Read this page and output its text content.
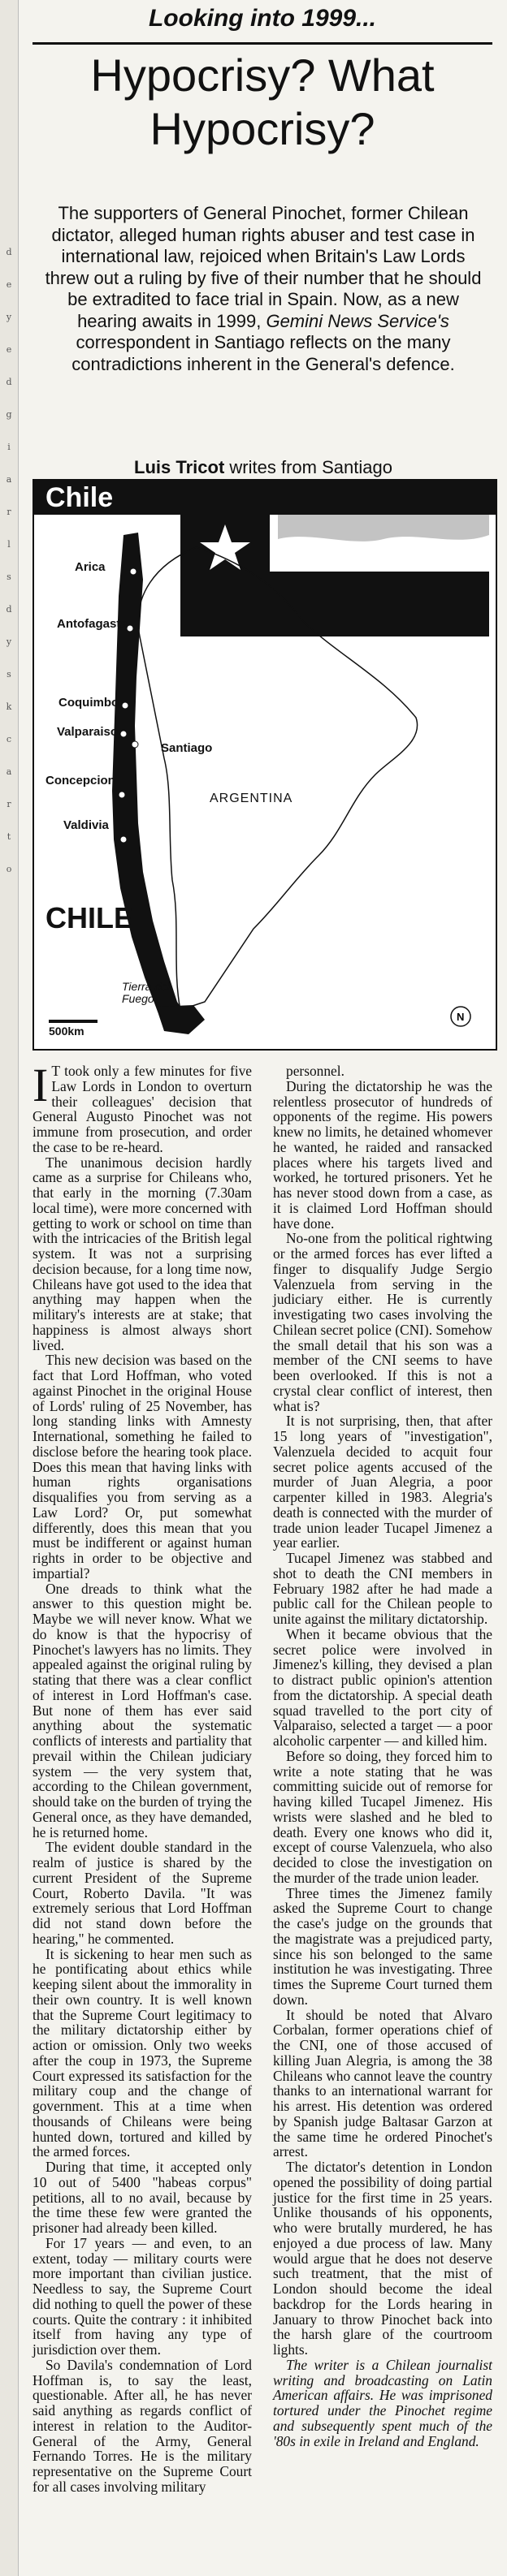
d
e
y
e
d
g
i
a
r
l
s
d
y
s
k
c
a
r
t
o
Looking into 1999...
Hypocrisy? What
Hypocrisy?
The supporters of General Pinochet, former Chilean dictator, alleged human rights abuser and test case in international law, rejoiced when Britain's Law Lords threw out a ruling by five of their number that he should be extradited to face trial in Spain. Now, as a new hearing awaits in 1999, Gemini News Service's correspondent in Santiago reflects on the many contradictions inherent in the General's defence.
Luis Tricot writes from Santiago
Chile
N
Arica
Antofagasta
Coquimbo
Valparaiso
Santiago
Concepcion
Valdivia
ARGENTINA
CHILE
Tierra del Fuego
500km
I T took only a few minutes for five Law Lords in London to overturn their colleagues' decision that General Augusto Pinochet was not immune from prosecution, and order the case to be re-heard.

The unanimous decision hardly came as a surprise for Chileans who, that early in the morning (7.30am local time), were more concerned with getting to work or school on time than with the intricacies of the British legal system. It was not a surprising decision because, for a long time now, Chileans have got used to the idea that anything may happen when the military's interests are at stake; that happiness is almost always short lived.

This new decision was based on the fact that Lord Hoffman, who voted against Pinochet in the original House of Lords' ruling of 25 November, has long standing links with Amnesty International, something he failed to disclose before the hearing took place. Does this mean that having links with human rights organisations disqualifies you from serving as a Law Lord? Or, put somewhat differently, does this mean that you must be indifferent or against human rights in order to be objective and impartial?

One dreads to think what the answer to this question might be. Maybe we will never know. What we do know is that the hypocrisy of Pinochet's lawyers has no limits. They appealed against the original ruling by stating that there was a clear conflict of interest in Lord Hoffman's case. But none of them has ever said anything about the systematic conflicts of interests and partiality that prevail within the Chilean judiciary system — the very system that, according to the Chilean government, should take on the burden of trying the General once, as they have demanded, he is returned home.

The evident double standard in the realm of justice is shared by the current President of the Supreme Court, Roberto Davila. "It was extremely serious that Lord Hoffman did not stand down before the hearing," he commented.

It is sickening to hear men such as he pontificating about ethics while keeping silent about the immorality in their own country. It is well known that the Supreme Court legitimacy to the military dictatorship either by action or omission. Only two weeks after the coup in 1973, the Supreme Court expressed its satisfaction for the military coup and the change of government. This at a time when thousands of Chileans were being hunted down, tortured and killed by the armed forces.

During that time, it accepted only 10 out of 5400 "habeas corpus" petitions, all to no avail, because by the time these few were granted the prisoner had already been killed.

For 17 years — and even, to an extent, today — military courts were more important than civilian justice. Needless to say, the Supreme Court did nothing to quell the power of these courts. Quite the contrary : it inhibited itself from having any type of jurisdiction over them.

So Davila's condemnation of Lord Hoffman is, to say the least, questionable. After all, he has never said anything as regards conflict of interest in relation to the Auditor-General of the Army, General Fernando Torres. He is the military representative on the Supreme Court for all cases involving military

personnel.

During the dictatorship he was the relentless prosecutor of hundreds of opponents of the regime. His powers knew no limits, he detained whomever he wanted, he raided and ransacked places where his targets lived and worked, he tortured prisoners. Yet he has never stood down from a case, as it is claimed Lord Hoffman should have done.

No-one from the political rightwing or the armed forces has ever lifted a finger to disqualify Judge Sergio Valenzuela from serving in the judiciary either. He is currently investigating two cases involving the Chilean secret police (CNI). Somehow the small detail that his son was a member of the CNI seems to have been overlooked. If this is not a crystal clear conflict of interest, then what is?

It is not surprising, then, that after 15 long years of "investigation", Valenzuela decided to acquit four secret police agents accused of the murder of Juan Alegria, a poor carpenter killed in 1983. Alegria's death is connected with the murder of trade union leader Tucapel Jimenez a year earlier.

Tucapel Jimenez was stabbed and shot to death the CNI members in February 1982 after he had made a public call for the Chilean people to unite against the military dictatorship.

When it became obvious that the secret police were involved in Jimenez's killing, they devised a plan to distract public opinion's attention from the dictatorship. A special death squad travelled to the port city of Valparaiso, selected a target — a poor alcoholic carpenter — and killed him.

Before so doing, they forced him to write a note stating that he was committing suicide out of remorse for having killed Tucapel Jimenez. His wrists were slashed and he bled to death. Every one knows who did it, except of course Valenzuela, who also decided to close the investigation on the murder of the trade union leader.

Three times the Jimenez family asked the Supreme Court to change the case's judge on the grounds that the magistrate was a prejudiced party, since his son belonged to the same institution he was investigating. Three times the Supreme Court turned them down.

It should be noted that Alvaro Corbalan, former operations chief of the CNI, one of those accused of killing Juan Alegria, is among the 38 Chileans who cannot leave the country thanks to an international warrant for his arrest. His detention was ordered by Spanish judge Baltasar Garzon at the same time he ordered Pinochet's arrest.

The dictator's detention in London opened the possibility of doing partial justice for the first time in 25 years. Unlike thousands of his opponents, who were brutally murdered, he has enjoyed a due process of law. Many would argue that he does not deserve such treatment, that the mist of London should become the ideal backdrop for the Lords hearing in January to throw Pinochet back into the harsh glare of the courtroom lights.

The writer is a Chilean journalist writing and broadcasting on Latin American affairs. He was imprisoned tortured under the Pinochet regime and subsequently spent much of the '80s in exile in Ireland and England.
